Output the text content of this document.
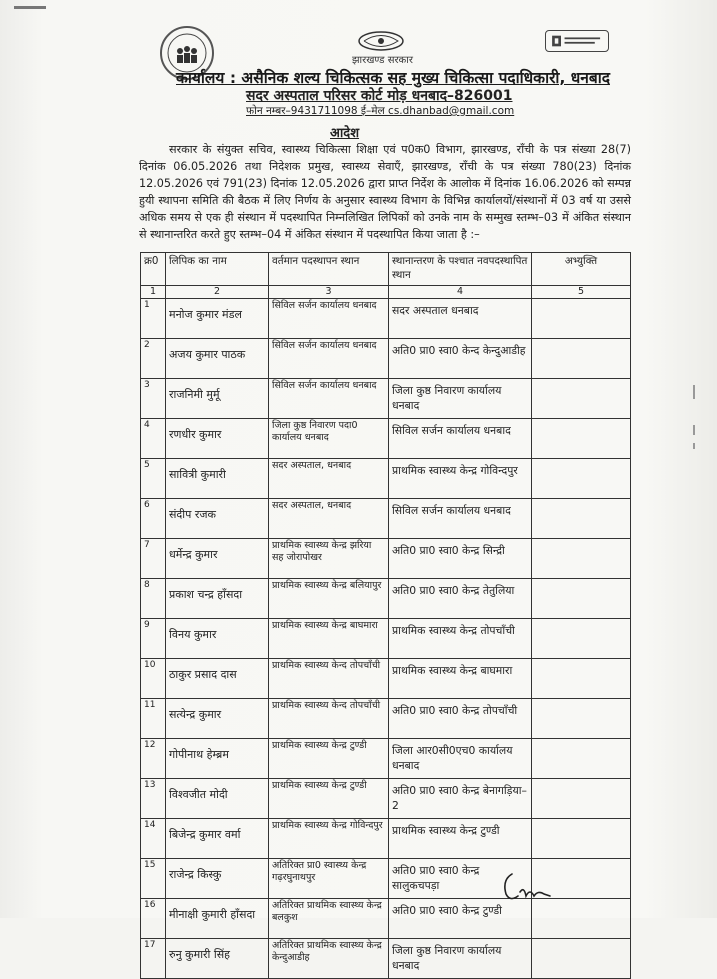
झारखण्ड सरकार
कार्यालय : असैनिक शल्य चिकित्सक सह मुख्य चिकित्सा पदाधिकारी, धनबाद
सदर अस्पताल परिसर कोर्ट मोड़ धनबाद–826001
फोन नम्बर–9431711098 ई–मेल cs.dhanbad@gmail.com
आदेश
सरकार के संयुक्त सचिव, स्वास्थ्य चिकित्सा शिक्षा एवं प0क0 विभाग, झारखण्ड, राँची के पत्र संख्या 28(7) दिनांक 06.05.2026 तथा निदेशक प्रमुख, स्वास्थ्य सेवाएँ, झारखण्ड, राँची के पत्र संख्या 780(23) दिनांक 12.05.2026 एवं 791(23) दिनांक 12.05.2026 द्वारा प्राप्त निर्देश के आलोक में दिनांक 16.06.2026 को सम्पन्न हुयी स्थापना समिति की बैठक में लिए निर्णय के अनुसार स्वास्थ्य विभाग के विभिन्न कार्यालयों/संस्थानों में 03 वर्ष या उससे अधिक समय से एक ही संस्थान में पदस्थापित निम्नलिखित लिपिकों को उनके नाम के सम्मुख स्तम्भ–03 में अंकित संस्थान से स्थानान्तरित करते हुए स्तम्भ–04 में अंकित संस्थान में पदस्थापित किया जाता है :–
क्र0	लिपिक का नाम	वर्तमान पदस्थापन स्थान	स्थानान्तरण के पश्चात नवपदस्थापित स्थान	अभ्युक्ति
1	2	3	4	5
1	मनोज कुमार मंडल	सिविल सर्जन कार्यालय धनबाद	सदर अस्पताल धनबाद	
2	अजय कुमार पाठक	सिविल सर्जन कार्यालय धनबाद	अति0 प्रा0 स्वा0 केन्द केन्दुआडीह	
3	राजनिमी मुर्मू	सिविल सर्जन कार्यालय धनबाद	जिला कुष्ठ निवारण कार्यालय धनबाद	
4	रणधीर कुमार	जिला कुष्ठ निवारण पदा0 कार्यालय धनबाद	सिविल सर्जन कार्यालय धनबाद	
5	सावित्री कुमारी	सदर अस्पताल, धनबाद	प्राथमिक स्वास्थ्य केन्द्र गोविन्दपुर	
6	संदीप रजक	सदर अस्पताल, धनबाद	सिविल सर्जन कार्यालय धनबाद	
7	धर्मेन्द्र कुमार	प्राथमिक स्वास्थ्य केन्द्र झरिया सह जोरापोखर	अति0 प्रा0 स्वा0 केन्द्र सिन्द्री	
8	प्रकाश चन्द्र हाँसदा	प्राथमिक स्वास्थ्य केन्द्र बलियापुर	अति0 प्रा0 स्वा0 केन्द्र तेतुलिया	
9	विनय कुमार	प्राथमिक स्वास्थ्य केन्द्र बाघमारा	प्राथमिक स्वास्थ्य केन्द्र तोपचाँची	
10	ठाकुर प्रसाद दास	प्राथमिक स्वास्थ्य केन्द तोपचाँची	प्राथमिक स्वास्थ्य केन्द्र बाघमारा	
11	सत्येन्द्र कुमार	प्राथमिक स्वास्थ्य केन्द तोपचाँची	अति0 प्रा0 स्वा0 केन्द्र तोपचाँची	
12	गोपीनाथ हेम्ब्रम	प्राथमिक स्वास्थ्य केन्द्र टुण्डी	जिला आर0सी0एच0 कार्यालय धनबाद	
13	विश्वजीत मोदी	प्राथमिक स्वास्थ्य केन्द्र टुण्डी	अति0 प्रा0 स्वा0 केन्द्र बेनागड़िया–2	
14	बिजेन्द्र कुमार वर्मा	प्राथमिक स्वास्थ्य केन्द्र गोविन्दपुर	प्राथमिक स्वास्थ्य केन्द्र टुण्डी	
15	राजेन्द्र किस्कु	अतिरिक्त प्रा0 स्वास्थ्य केन्द्र गढ़रघुनाथपुर	अति0 प्रा0 स्वा0 केन्द्र सालुकचपड़ा	
16	मीनाक्षी कुमारी हाँसदा	अतिरिक्त प्राथमिक स्वास्थ्य केन्द्र बलकुश	अति0 प्रा0 स्वा0 केन्द्र टुण्डी	
17	रुनु कुमारी सिंह	अतिरिक्त प्राथमिक स्वास्थ्य केन्द्र केन्दुआडीह	जिला कुष्ठ निवारण कार्यालय धनबाद	
